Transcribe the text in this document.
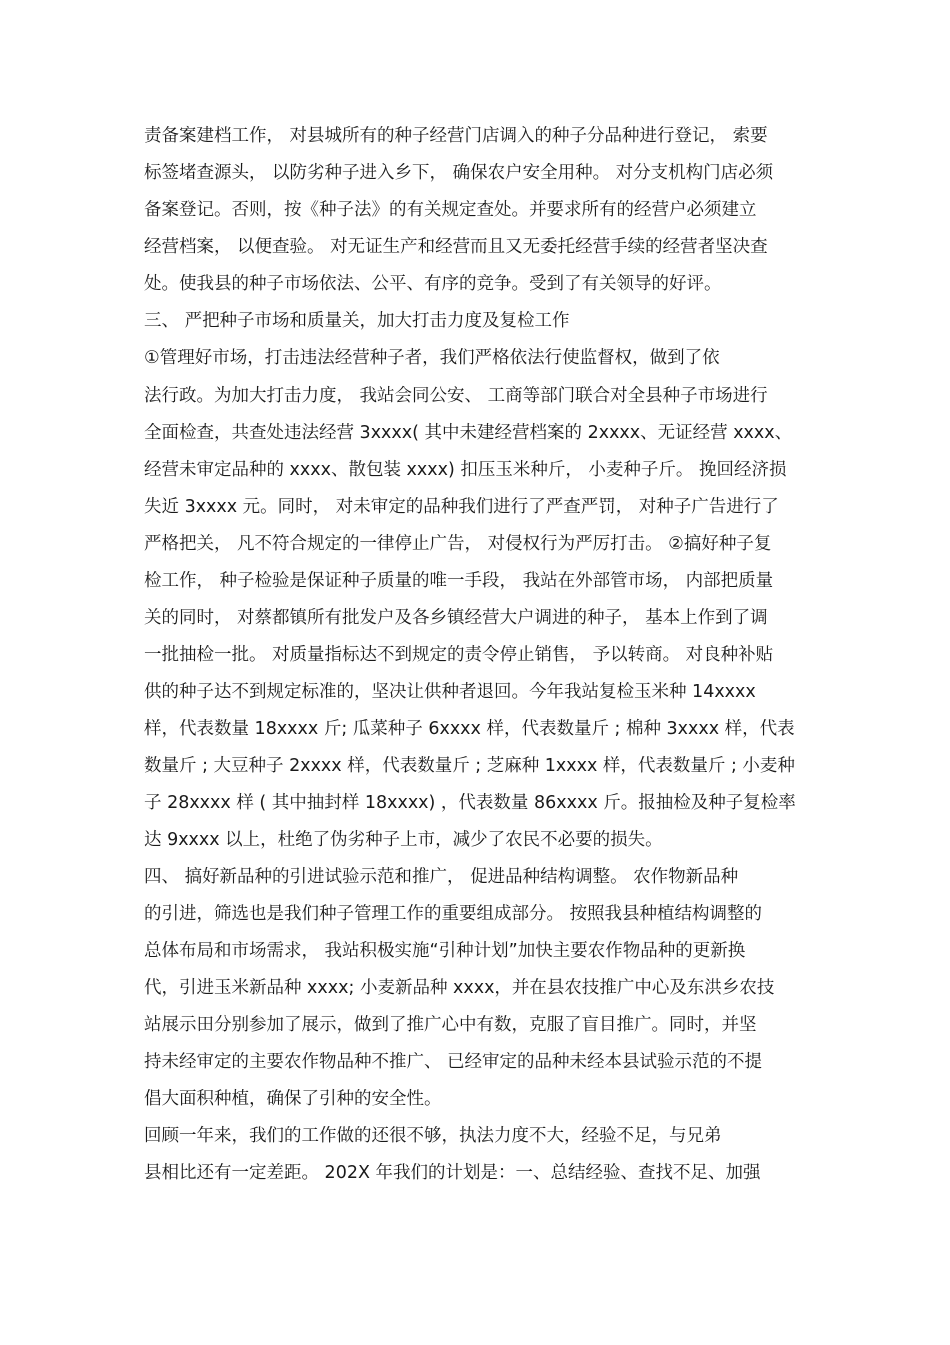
责备案建档工作， 对县城所有的种子经营门店调入的种子分品种进行登记， 索要

标签堵查源头， 以防劣种子进入乡下， 确保农户安全用种。 对分支机构门店必须

备案登记。否则，按《种子法》的有关规定查处。并要求所有的经营户必须建立

经营档案， 以便查验。 对无证生产和经营而且又无委托经营手续的经营者坚决查

处。使我县的种子市场依法、公平、有序的竞争。受到了有关领导的好评。

三、 严把种子市场和质量关，加大打击力度及复检工作

①管理好市场，打击违法经营种子者，我们严格依法行使监督权，做到了依

法行政。为加大打击力度， 我站会同公安、 工商等部门联合对全县种子市场进行

全面检查，共查处违法经营 3xxxx( 其中未建经营档案的 2xxxx、无证经营 xxxx、

经营未审定品种的 xxxx、散包装 xxxx) 扣压玉米种斤， 小麦种子斤。 挽回经济损

失近 3xxxx 元。同时， 对未审定的品种我们进行了严查严罚， 对种子广告进行了

严格把关， 凡不符合规定的一律停止广告， 对侵权行为严厉打击。 ②搞好种子复

检工作， 种子检验是保证种子质量的唯一手段， 我站在外部管市场， 内部把质量

关的同时， 对蔡都镇所有批发户及各乡镇经营大户调进的种子， 基本上作到了调

一批抽检一批。 对质量指标达不到规定的责令停止销售， 予以转商。 对良种补贴

供的种子达不到规定标准的，坚决让供种者退回。今年我站复检玉米种 14xxxx

样，代表数量 18xxxx 斤; 瓜菜种子 6xxxx 样，代表数量斤 ; 棉种 3xxxx 样，代表

数量斤 ; 大豆种子 2xxxx 样，代表数量斤 ; 芝麻种 1xxxx 样，代表数量斤 ; 小麦种

子 28xxxx 样 ( 其中抽封样 18xxxx) ，代表数量 86xxxx 斤。报抽检及种子复检率

达 9xxxx 以上，杜绝了伪劣种子上市，减少了农民不必要的损失。

四、 搞好新品种的引进试验示范和推广， 促进品种结构调整。 农作物新品种

的引进，筛选也是我们种子管理工作的重要组成部分。 按照我县种植结构调整的

总体布局和市场需求， 我站积极实施“引种计划”加快主要农作物品种的更新换

代，引进玉米新品种 xxxx; 小麦新品种 xxxx，并在县农技推广中心及东洪乡农技

站展示田分别参加了展示，做到了推广心中有数，克服了盲目推广。同时，并坚

持未经审定的主要农作物品种不推广、 已经审定的品种未经本县试验示范的不提

倡大面积种植，确保了引种的安全性。

回顾一年来，我们的工作做的还很不够，执法力度不大，经验不足，与兄弟

县相比还有一定差距。 202X 年我们的计划是：一、总结经验、查找不足、加强
